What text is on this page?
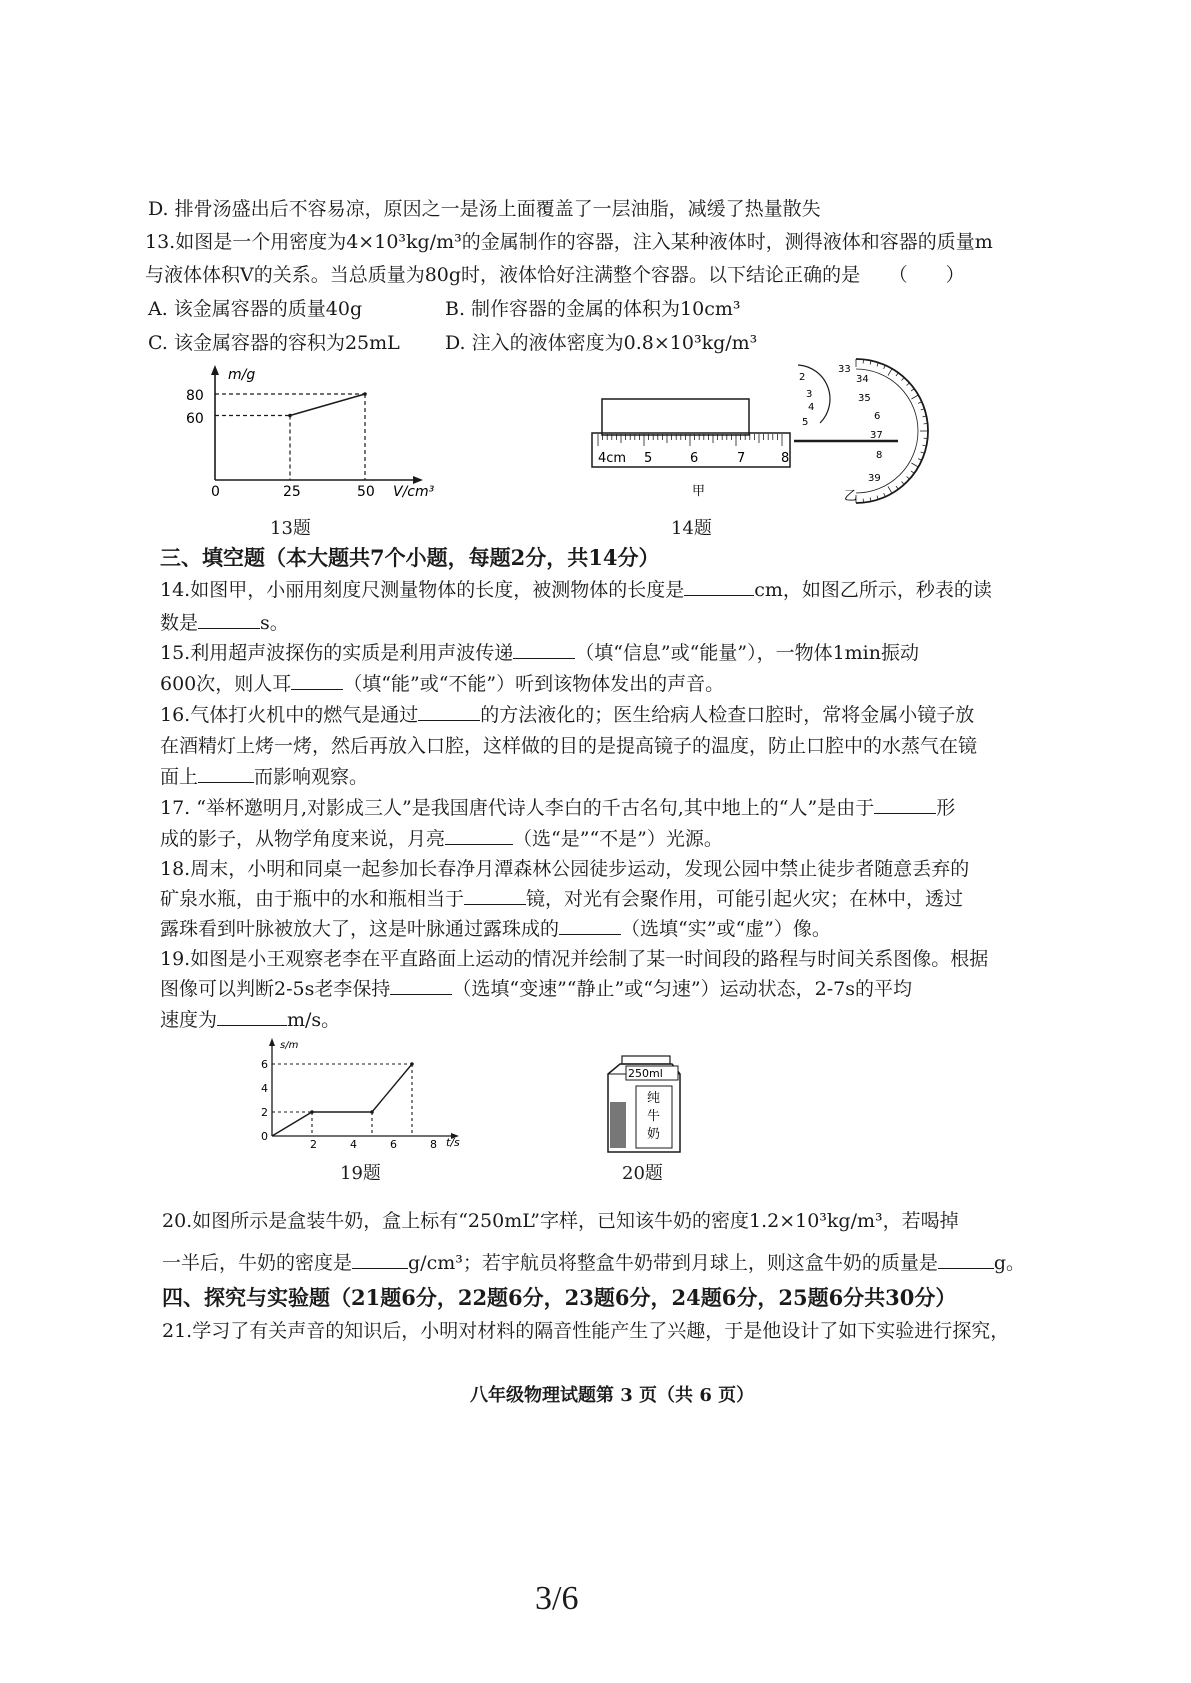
D. 排骨汤盛出后不容易凉，原因之一是汤上面覆盖了一层油脂，减缓了热量散失
13.如图是一个用密度为4×10³kg/m³的金属制作的容器，注入某种液体时，测得液体和容器的质量m
与液体体积V的关系。当总质量为80g时，液体恰好注满整个容器。以下结论正确的是　　（　　）
A. 该金属容器的质量40g	B. 制作容器的金属的体积为10cm³
C. 该金属容器的容积为25mL D. 注入的液体密度为0.8×10³kg/m³
m/g
V/cm³
80
60
0	25	50
13题
4cm 5	6	7	8
33
34
35
6
37
8
39
2
3
4
5
甲	乙
14题
三、填空题（本大题共7个小题，每题2分，共14分）
14.如图甲，小丽用刻度尺测量物体的长度，被测物体的长度是	cm，如图乙所示，秒表的读
数是	s。
15.利用超声波探伤的实质是利用声波传递	（填“信息”或“能量”），一物体1min振动
600次，则人耳	（填“能”或“不能”）听到该物体发出的声音。
16.气体打火机中的燃气是通过	的方法液化的；医生给病人检查口腔时，常将金属小镜子放
在酒精灯上烤一烤，然后再放入口腔，这样做的目的是提高镜子的温度，防止口腔中的水蒸气在镜
面上	而影响观察。
17. “举杯邀明月,对影成三人”是我国唐代诗人李白的千古名句,其中地上的“人”是由于	形
成的影子，从物学角度来说，月亮	（选“是”“不是”）光源。
18.周末，小明和同桌一起参加长春净月潭森林公园徒步运动，发现公园中禁止徒步者随意丢弃的
矿泉水瓶，由于瓶中的水和瓶相当于	镜，对光有会聚作用，可能引起火灾；在林中，透过
露珠看到叶脉被放大了，这是叶脉通过露珠成的	（选填“实”或“虚”）像。
19.如图是小王观察老李在平直路面上运动的情况并绘制了某一时间段的路程与时间关系图像。根据
图像可以判断2-5s老李保持	（选填“变速”“静止”或“匀速”）运动状态，2-7s的平均
速度为	m/s。
s/m
t/s
6
4
2
0
2	4	6	8
19题
250ml
纯
牛
奶
20题
20.如图所示是盒装牛奶，盒上标有“250mL”字样，已知该牛奶的密度1.2×10³kg/m³，若喝掉
一半后，牛奶的密度是	g/cm³；若宇航员将整盒牛奶带到月球上，则这盒牛奶的质量是	g。
四、探究与实验题（21题6分，22题6分，23题6分，24题6分，25题6分共30分）
21.学习了有关声音的知识后，小明对材料的隔音性能产生了兴趣，于是他设计了如下实验进行探究，
八年级物理试题第 3 页（共 6 页）
3/6
